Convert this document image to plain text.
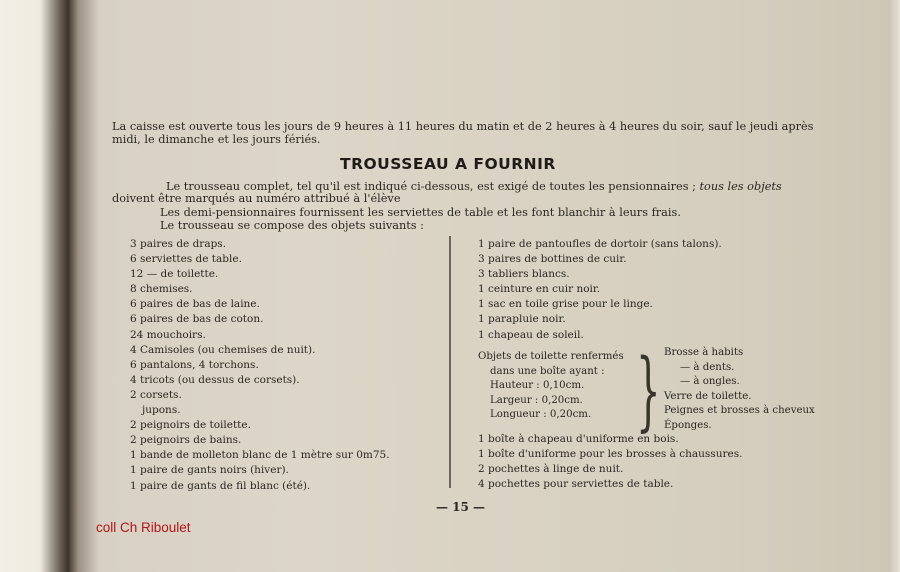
La caisse est ouverte tous les jours de 9 heures à 11 heures du matin et de 2 heures à 4 heures du soir, sauf le jeudi après midi, le dimanche et les jours fériés.
TROUSSEAU A FOURNIR
Le trousseau complet, tel qu'il est indiqué ci-dessous, est exigé de toutes les pensionnaires ; tous les objets
doivent être marqués au numéro attribué à l'élève
Les demi-pensionnaires fournissent les serviettes de table et les font blanchir à leurs frais.
Le trousseau se compose des objets suivants :
3 paires de draps.
6 serviettes de table.
12 — de toilette.
8 chemises.
6 paires de bas de laine.
6 paires de bas de coton.
24 mouchoirs.
4 Camisoles (ou chemises de nuit).
6 pantalons, 4 torchons.
4 tricots (ou dessus de corsets).
2 corsets.
jupons.
2 peignoirs de toilette.
2 peignoirs de bains.
1 bande de molleton blanc de 1 mètre sur 0m75.
1 paire de gants noirs (hiver).
1 paire de gants de fil blanc (été).
1 paire de pantoufles de dortoir (sans talons).
3 paires de bottines de cuir.
3 tabliers blancs.
1 ceinture en cuir noir.
1 sac en toile grise pour le linge.
1 parapluie noir.
1 chapeau de soleil.
Objets de toilette renfermés
dans une boîte ayant :
Hauteur : 0,10cm.
Largeur : 0,20cm.
Longueur : 0,20cm. } Brosse à habits
— à dents.
— à ongles.
Verre de toilette.
Peignes et brosses à cheveux
Éponges.
1 boîte à chapeau d'uniforme en bois.
1 boîte d'uniforme pour les brosses à chaussures.
2 pochettes à linge de nuit.
4 pochettes pour serviettes de table.
— 15 —
coll Ch Riboulet
